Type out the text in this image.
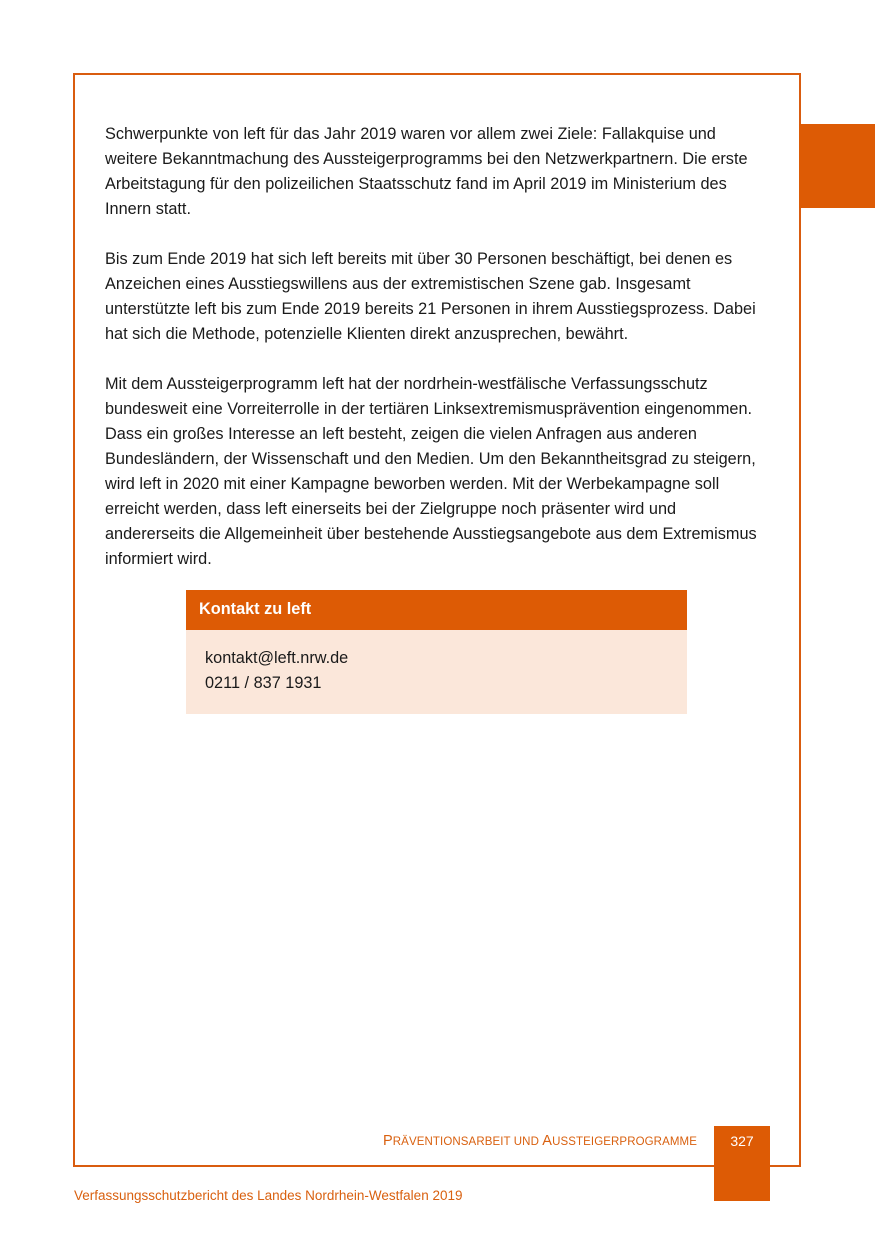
Schwerpunkte von left für das Jahr 2019 waren vor allem zwei Ziele: Fallakquise und weitere Bekanntmachung des Aussteigerprogramms bei den Netzwerkpartnern. Die erste Arbeitstagung für den polizeilichen Staatsschutz fand im April 2019 im Ministerium des Innern statt.

Bis zum Ende 2019 hat sich left bereits mit über 30 Personen beschäftigt, bei denen es Anzeichen eines Ausstiegswillens aus der extremistischen Szene gab. Insgesamt unterstützte left bis zum Ende 2019 bereits 21 Personen in ihrem Ausstiegsprozess. Dabei hat sich die Methode, potenzielle Klienten direkt anzusprechen, bewährt.

Mit dem Aussteigerprogramm left hat der nordrhein-westfälische Verfassungsschutz bundesweit eine Vorreiterrolle in der tertiären Linksextremismusprävention eingenommen. Dass ein großes Interesse an left besteht, zeigen die vielen Anfragen aus anderen Bundesländern, der Wissenschaft und den Medien. Um den Bekanntheitsgrad zu steigern, wird left in 2020 mit einer Kampagne beworben werden. Mit der Werbekampagne soll erreicht werden, dass left einerseits bei der Zielgruppe noch präsenter wird und andererseits die Allgemeinheit über bestehende Ausstiegsangebote aus dem Extremismus informiert wird.

Kontakt zu left
kontakt@left.nrw.de
0211 / 837 1931
PRÄVENTIONSARBEIT UND AUSSTEIGERPROGRAMME	327
Verfassungsschutzbericht des Landes Nordrhein-Westfalen 2019
